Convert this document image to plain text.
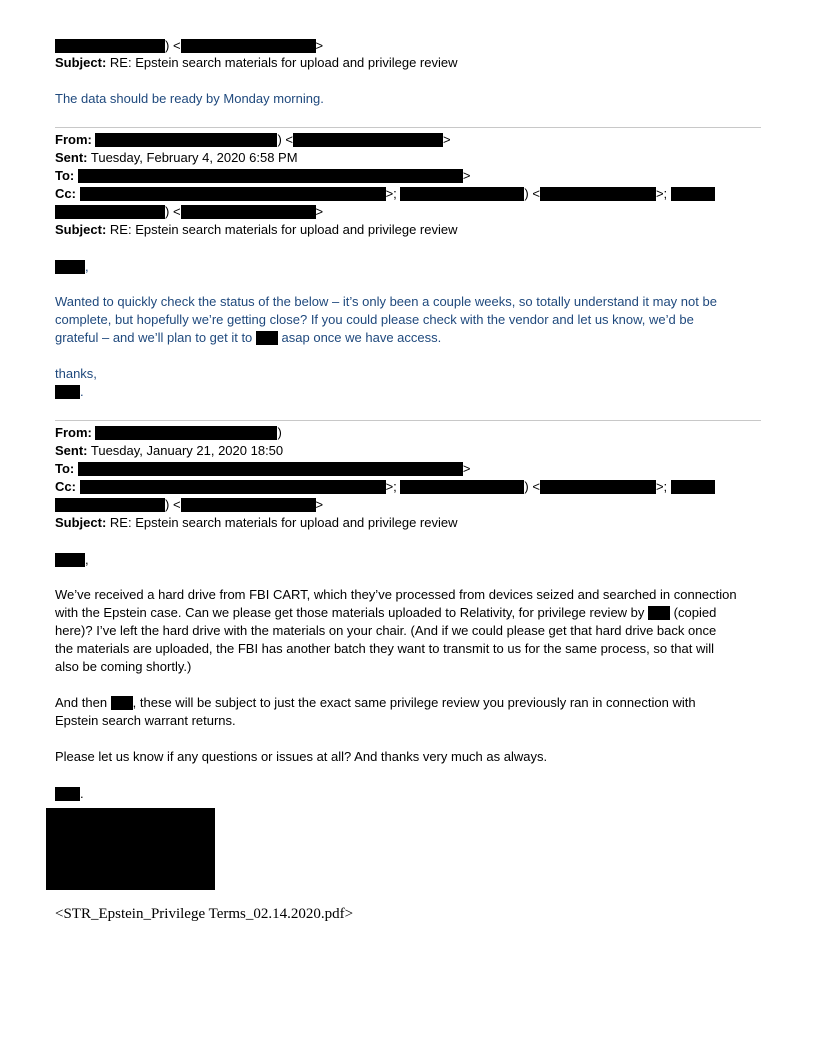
) <	>
Subject: RE: Epstein search materials for upload and privilege review
The data should be ready by Monday morning.
From:	) <	>
Sent: Tuesday, February 4, 2020 6:58 PM
To:	>
Cc:	>;	) <	>;
) <	>
Subject: RE: Epstein search materials for upload and privilege review
,
Wanted to quickly check the status of the below – it’s only been a couple weeks, so totally understand it may not be
complete, but hopefully we’re getting close? If you could please check with the vendor and let us know, we’d be
grateful – and we’ll plan to get it to asap once we have access.
thanks,
.
From:	)
Sent: Tuesday, January 21, 2020 18:50
To:	>
Cc:	>;	) <	>;
) <	>
Subject: RE: Epstein search materials for upload and privilege review
,
We’ve received a hard drive from FBI CART, which they’ve processed from devices seized and searched in connection
with the Epstein case. Can we please get those materials uploaded to Relativity, for privilege review by (copied
here)? I’ve left the hard drive with the materials on your chair. (And if we could please get that hard drive back once
the materials are uploaded, the FBI has another batch they want to transmit to us for the same process, so that will
also be coming shortly.)
And then , these will be subject to just the exact same privilege review you previously ran in connection with
Epstein search warrant returns.
Please let us know if any questions or issues at all? And thanks very much as always.
.
<STR_Epstein_Privilege Terms_02.14.2020.pdf>
